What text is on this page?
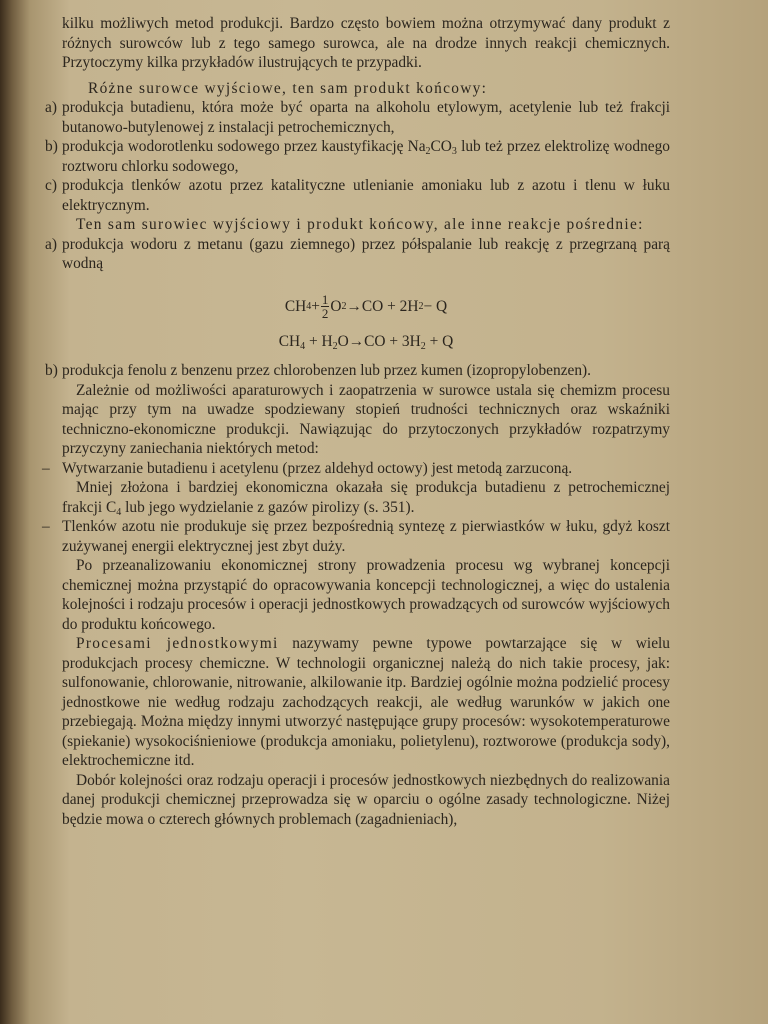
kilku możliwych metod produkcji. Bardzo często bowiem można otrzymywać dany produkt z różnych surowców lub z tego samego surowca, ale na drodze innych reakcji chemicznych. Przytoczymy kilka przykładów ilustrujących te przypadki.

Różne surowce wyjściowe, ten sam produkt końcowy:

a) produkcja butadienu, która może być oparta na alkoholu etylowym, acetylenie lub też frakcji butanowo-butylenowej z instalacji petrochemicznych,
b) produkcja wodorotlenku sodowego przez kaustyfikację $Na_2CO_3$ lub też przez elektrolizę wodnego roztworu chlorku sodowego,
c) produkcja tlenków azotu przez katalityczne utlenianie amoniaku lub z azotu i tlenu w łuku elektrycznym.

Ten sam surowiec wyjściowy i produkt końcowy, ale inne reakcje pośrednie:

a) produkcja wodoru z metanu (gazu ziemnego) przez półspalanie lub reakcję z przegrzaną parą wodną
CH $4 + \frac{1}{2}$ O 2 →CO + 2H 2 − Q
$CH_4 + H_2O\to CO + 3H_2 + Q$
b) produkcja fenolu z benzenu przez chlorobenzen lub przez kumen (izopropylobenzen).

Zależnie od możliwości aparaturowych i zaopatrzenia w surowce ustala się chemizm procesu mając przy tym na uwadze spodziewany stopień trudności technicznych oraz wskaźniki techniczno-ekonomiczne produkcji. Nawiązując do przytoczonych przykładów rozpatrzymy przyczyny zaniechania niektórych metod:

– Wytwarzanie butadienu i acetylenu (przez aldehyd octowy) jest metodą zarzuconą.
Mniej złożona i bardziej ekonomiczna okazała się produkcja butadienu z petrochemicznej frakcji $C_4$ lub jego wydzielanie z gazów pirolizy (s. 351).
– Tlenków azotu nie produkuje się przez bezpośrednią syntezę z pierwiastków w łuku, gdyż koszt zużywanej energii elektrycznej jest zbyt duży.

Po przeanalizowaniu ekonomicznej strony prowadzenia procesu wg wybranej koncepcji chemicznej można przystąpić do opracowywania koncepcji technologicznej, a więc do ustalenia kolejności i rodzaju procesów i operacji jednostkowych prowadzących od surowców wyjściowych do produktu końcowego.

Procesami jednostkowymi nazywamy pewne typowe powtarzające się w wielu produkcjach procesy chemiczne. W technologii organicznej należą do nich takie procesy, jak: sulfonowanie, chlorowanie, nitrowanie, alkilowanie itp. Bardziej ogólnie można podzielić procesy jednostkowe nie według rodzaju zachodzących reakcji, ale według warunków w jakich one przebiegają. Można między innymi utworzyć następujące grupy procesów: wysokotemperaturowe (spiekanie) wysokociśnieniowe (produkcja amoniaku, polietylenu), roztworowe (produkcja sody), elektrochemiczne itd.

Dobór kolejności oraz rodzaju operacji i procesów jednostkowych niezbędnych do realizowania danej produkcji chemicznej przeprowadza się w oparciu o ogólne zasady technologiczne. Niżej będzie mowa o czterech głównych problemach (zagadnieniach),
